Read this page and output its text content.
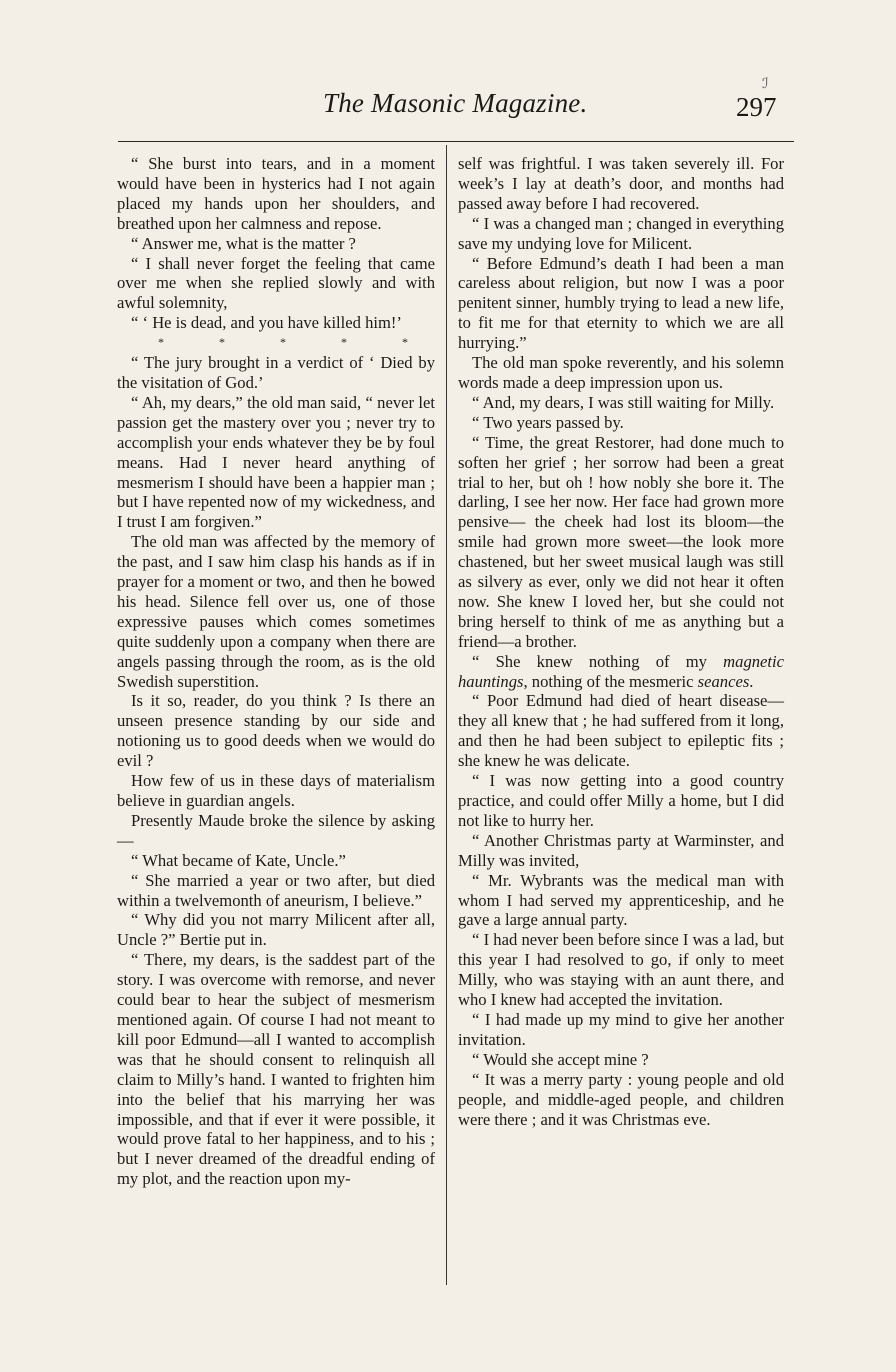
The Masonic Magazine.	297
ℐ

“ She burst into tears, and in a moment would have been in hysterics had I not again placed my hands upon her shoulders, and breathed upon her calmness and repose.

“ Answer me, what is the matter ?

“ I shall never forget the feeling that came over me when she replied slowly and with awful solemnity,

“ ‘ He is dead, and you have killed him!’

* * * * *

“ The jury brought in a verdict of ‘ Died by the visitation of God.’

“ Ah, my dears,” the old man said, “ never let passion get the mastery over you ; never try to accomplish your ends whatever they be by foul means. Had I never heard anything of mesmerism I should have been a happier man ; but I have repented now of my wickedness, and I trust I am forgiven.”

The old man was affected by the memory of the past, and I saw him clasp his hands as if in prayer for a moment or two, and then he bowed his head. Silence fell over us, one of those expressive pauses which comes sometimes quite suddenly upon a company when there are angels passing through the room, as is the old Swedish superstition.

Is it so, reader, do you think ? Is there an unseen presence standing by our side and notioning us to good deeds when we would do evil ?

How few of us in these days of materialism believe in guardian angels.

Presently Maude broke the silence by asking—

“ What became of Kate, Uncle.”

“ She married a year or two after, but died within a twelvemonth of aneurism, I believe.”

“ Why did you not marry Milicent after all, Uncle ?” Bertie put in.

“ There, my dears, is the saddest part of the story. I was overcome with remorse, and never could bear to hear the subject of mesmerism mentioned again. Of course I had not meant to kill poor Edmund—all I wanted to accomplish was that he should consent to relinquish all claim to Milly’s hand. I wanted to frighten him into the belief that his marrying her was impossible, and that if ever it were possible, it would prove fatal to her happiness, and to his ; but I never dreamed of the dreadful ending of my plot, and the reaction upon my-

self was frightful. I was taken severely ill. For week’s I lay at death’s door, and months had passed away before I had recovered.

“ I was a changed man ; changed in everything save my undying love for Milicent.

“ Before Edmund’s death I had been a man careless about religion, but now I was a poor penitent sinner, humbly trying to lead a new life, to fit me for that eternity to which we are all hurrying.”

The old man spoke reverently, and his solemn words made a deep impression upon us.

“ And, my dears, I was still waiting for Milly.

“ Two years passed by.

“ Time, the great Restorer, had done much to soften her grief ; her sorrow had been a great trial to her, but oh ! how nobly she bore it. The darling, I see her now. Her face had grown more pensive— the cheek had lost its bloom—the smile had grown more sweet—the look more chastened, but her sweet musical laugh was still as silvery as ever, only we did not hear it often now. She knew I loved her, but she could not bring herself to think of me as anything but a friend—a brother.

“ She knew nothing of my magnetic hauntings, nothing of the mesmeric seances.

“ Poor Edmund had died of heart disease—they all knew that ; he had suffered from it long, and then he had been subject to epileptic fits ; she knew he was delicate.

“ I was now getting into a good country practice, and could offer Milly a home, but I did not like to hurry her.

“ Another Christmas party at Warminster, and Milly was invited,

“ Mr. Wybrants was the medical man with whom I had served my apprenticeship, and he gave a large annual party.

“ I had never been before since I was a lad, but this year I had resolved to go, if only to meet Milly, who was staying with an aunt there, and who I knew had accepted the invitation.

“ I had made up my mind to give her another invitation.

“ Would she accept mine ?

“ It was a merry party : young people and old people, and middle-aged people, and children were there ; and it was Christmas eve.
